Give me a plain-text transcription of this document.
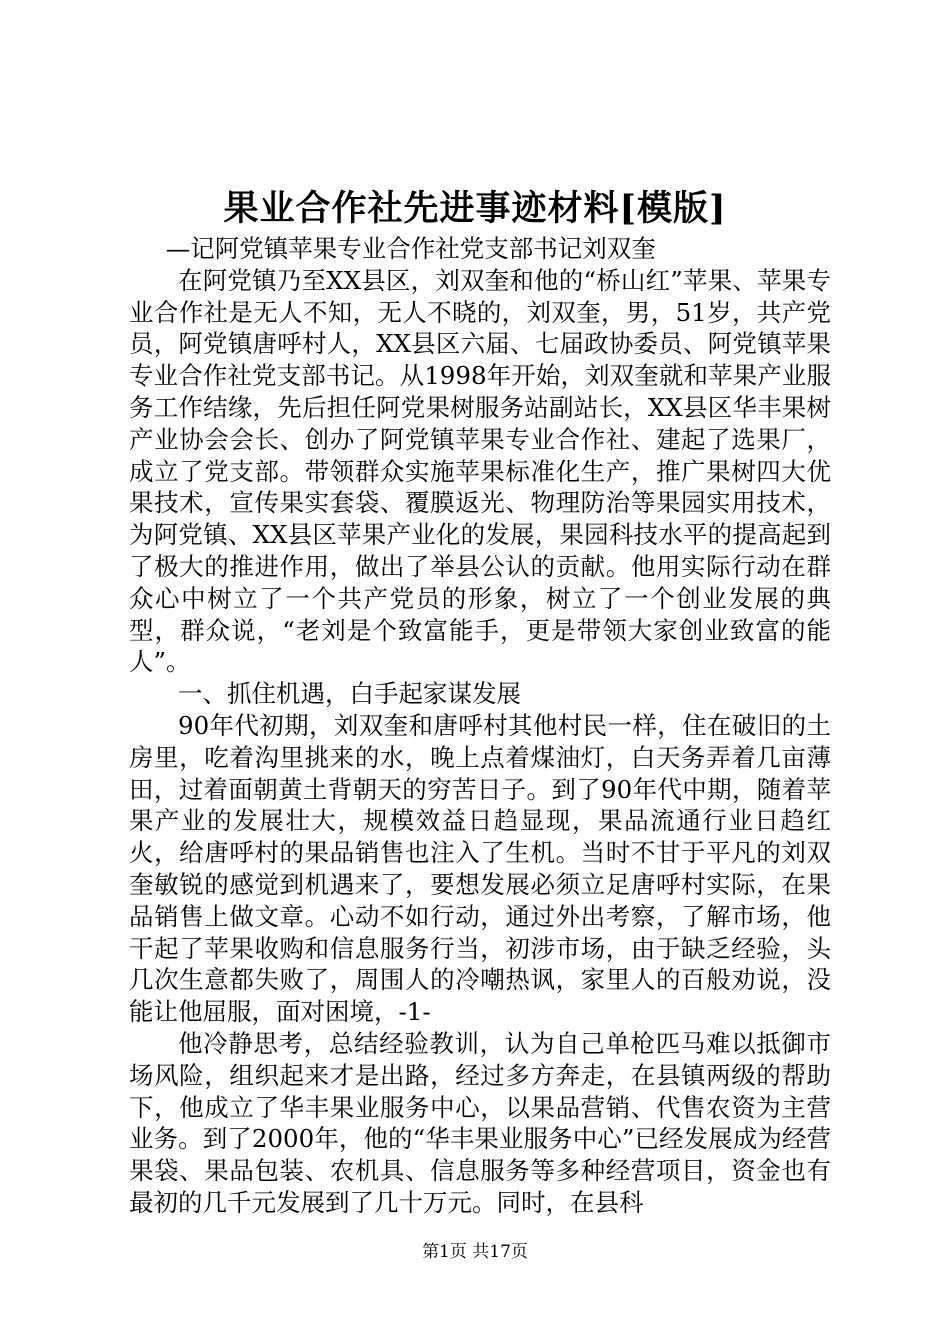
果业合作社先进事迹材料[模版]

—记阿党镇苹果专业合作社党支部书记刘双奎

在阿党镇乃至XX县区，刘双奎和他的“桥山红”苹果、苹果专业合作社是无人不知，无人不晓的，刘双奎，男，51岁，共产党员，阿党镇唐呼村人，XX县区六届、七届政协委员、阿党镇苹果专业合作社党支部书记。从1998年开始，刘双奎就和苹果产业服务工作结缘，先后担任阿党果树服务站副站长，XX县区华丰果树产业协会会长、创办了阿党镇苹果专业合作社、建起了选果厂，成立了党支部。带领群众实施苹果标准化生产，推广果树四大优果技术，宣传果实套袋、覆膜返光、物理防治等果园实用技术，为阿党镇、XX县区苹果产业化的发展，果园科技水平的提高起到了极大的推进作用，做出了举县公认的贡献。他用实际行动在群众心中树立了一个共产党员的形象，树立了一个创业发展的典型，群众说，“老刘是个致富能手，更是带领大家创业致富的能人”。

一、抓住机遇，白手起家谋发展

90年代初期，刘双奎和唐呼村其他村民一样，住在破旧的土房里，吃着沟里挑来的水，晚上点着煤油灯，白天务弄着几亩薄田，过着面朝黄土背朝天的穷苦日子。到了90年代中期，随着苹果产业的发展壮大，规模效益日趋显现，果品流通行业日趋红火，给唐呼村的果品销售也注入了生机。当时不甘于平凡的刘双奎敏锐的感觉到机遇来了，要想发展必须立足唐呼村实际，在果品销售上做文章。心动不如行动，通过外出考察，了解市场，他干起了苹果收购和信息服务行当，初涉市场，由于缺乏经验，头几次生意都失败了，周围人的冷嘲热讽，家里人的百般劝说，没能让他屈服，面对困境，-1-

他冷静思考，总结经验教训，认为自己单枪匹马难以抵御市场风险，组织起来才是出路，经过多方奔走，在县镇两级的帮助下，他成立了华丰果业服务中心，以果品营销、代售农资为主营业务。到了2000年，他的“华丰果业服务中心”已经发展成为经营果袋、果品包装、农机具、信息服务等多种经营项目，资金也有最初的几千元发展到了几十万元。同时，在县科

第1页 共17页
